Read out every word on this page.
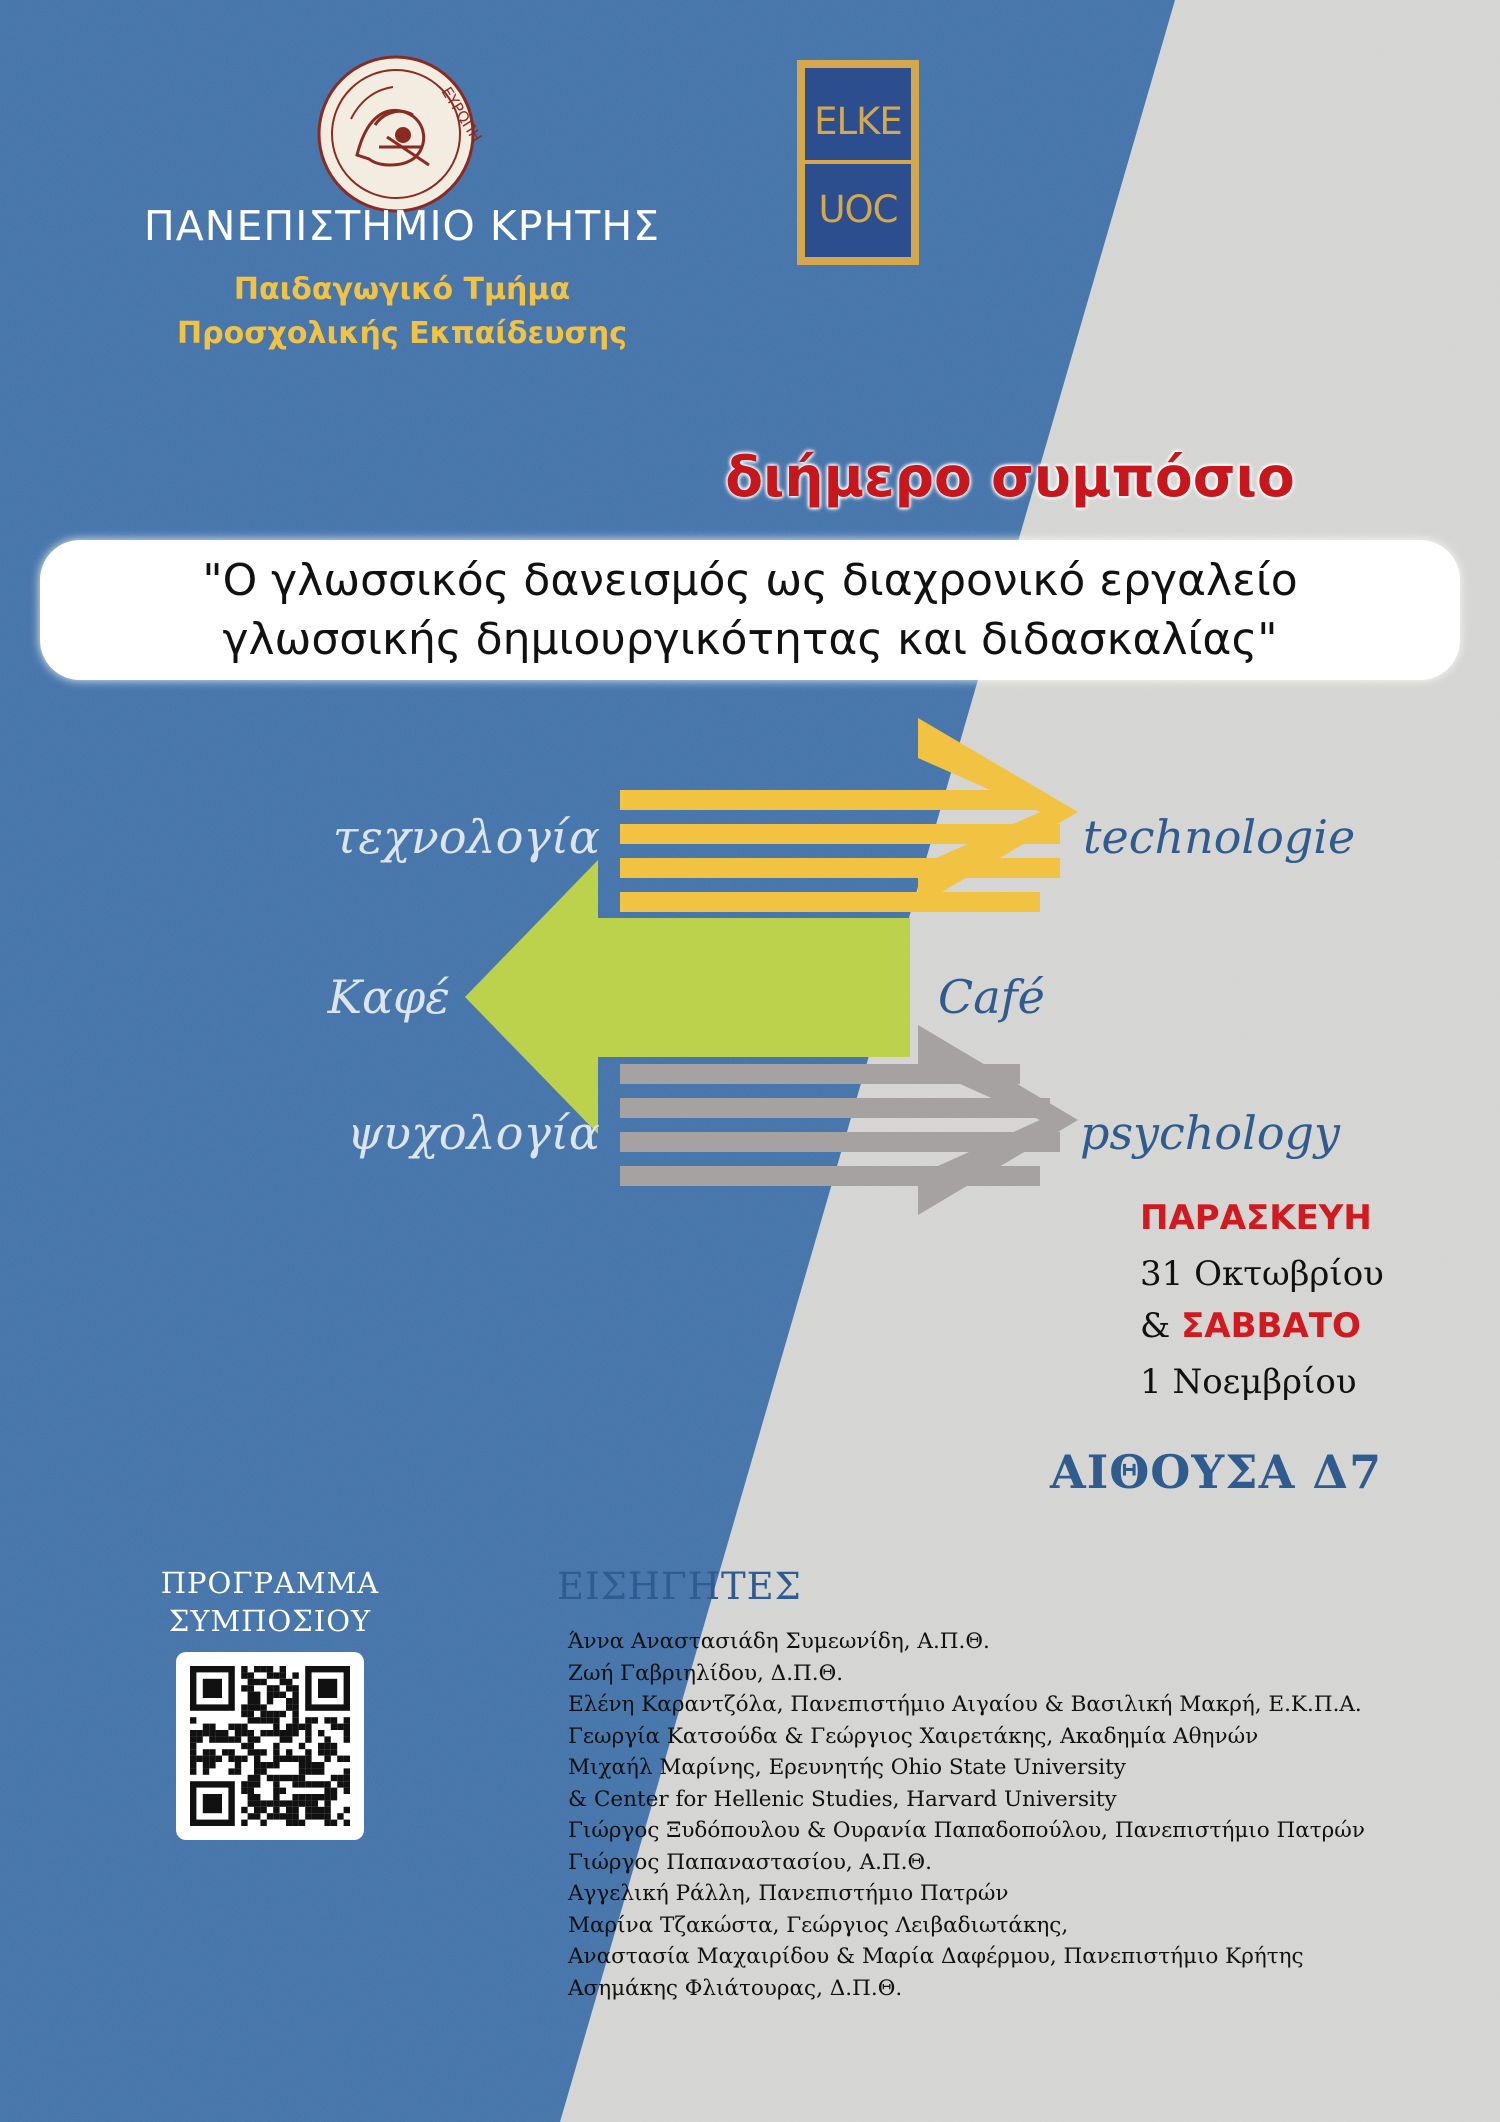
ΕΥΡΩΠΗ	ELKE
UOC
ΠΑΝΕΠΙΣΤΗΜΙΟ ΚΡΗΤΗΣ
Παιδαγωγικό Τμήμα
Προσχολικής Εκπαίδευσης
διήμερο συμπόσιο
"Ο γλωσσικός δανεισμός ως διαχρονικό εργαλείο
γλωσσικής δημιουργικότητας και διδασκαλίας"
τεχνολογία
Καφέ
ψυχολογία
technologie
Café
psychology
ΠΑΡΑΣΚΕΥΗ
31 Οκτωβρίου
& ΣΑΒΒΑΤΟ
1 Νοεμβρίου
ΑΙΘΟΥΣΑ Δ7
ΠΡΟΓΡΑΜΜΑ
ΣΥΜΠΟΣΙΟΥ
ΕΙΣΗΓΗΤΕΣ
Άννα Αναστασιάδη Συμεωνίδη, Α.Π.Θ.
Ζωή Γαβριηλίδου, Δ.Π.Θ.
Ελένη Καραντζόλα, Πανεπιστήμιο Αιγαίου & Βασιλική Μακρή, Ε.Κ.Π.Α.
Γεωργία Κατσούδα & Γεώργιος Χαιρετάκης, Ακαδημία Αθηνών
Μιχαήλ Μαρίνης, Ερευνητής Ohio State University
& Center for Hellenic Studies, Harvard University
Γιώργος Ξυδόπουλου & Ουρανία Παπαδοπούλου, Πανεπιστήμιο Πατρών
Γιώργος Παπαναστασίου, Α.Π.Θ.
Αγγελική Ράλλη, Πανεπιστήμιο Πατρών
Μαρίνα Τζακώστα, Γεώργιος Λειβαδιωτάκης,
Αναστασία Μαχαιρίδου & Μαρία Δαφέρμου, Πανεπιστήμιο Κρήτης
Ασημάκης Φλιάτουρας, Δ.Π.Θ.
